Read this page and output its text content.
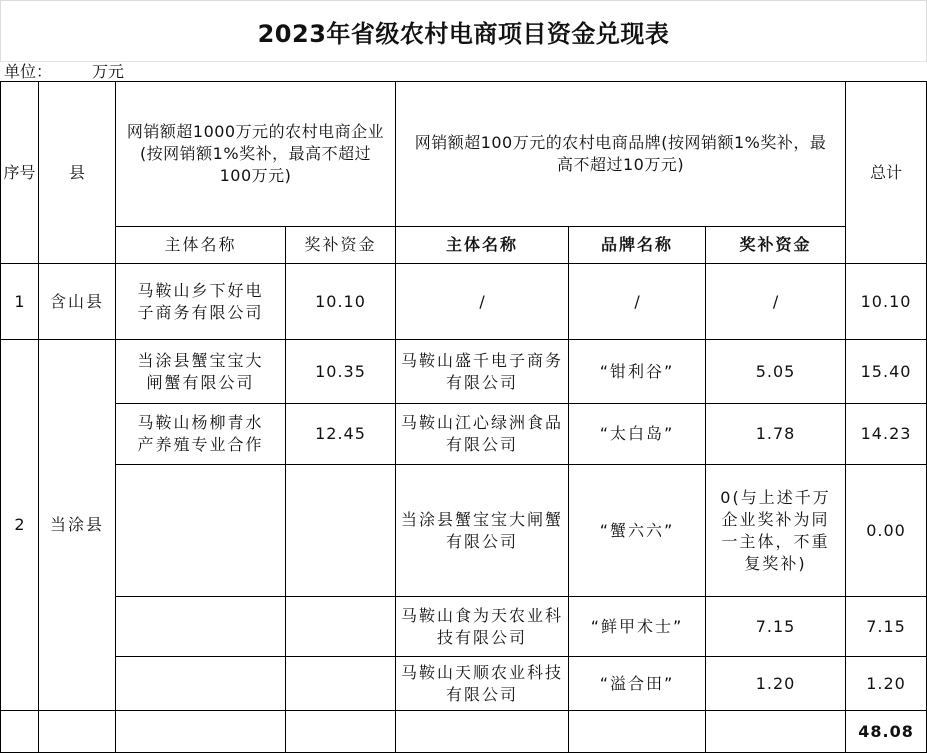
2023年省级农村电商项目资金兑现表
单位：	万元
序号	县	网销额超1000万元的农村电商企业(按网销额1%奖补，最高不超过100万元)		网销额超100万元的农村电商品牌(按网销额1%奖补，最高不超过10万元)			总计
		主体名称	奖补资金	主体名称	品牌名称	奖补资金	
1	含山县	马鞍山乡下好电子商务有限公司	10.10	/	/	/	10.10
2	当涂县	当涂县蟹宝宝大闸蟹有限公司	10.35	马鞍山盛千电子商务有限公司	“钳利谷”	5.05	15.40
		马鞍山杨柳青水产养殖专业合作	12.45	马鞍山江心绿洲食品有限公司	“太白岛”	1.78	14.23
				当涂县蟹宝宝大闸蟹有限公司	“蟹六六”	0(与上述千万企业奖补为同一主体，不重复奖补)	0.00
				马鞍山食为天农业科技有限公司	“鲜甲术士”	7.15	7.15
				马鞍山天顺农业科技有限公司	“溢合田”	1.20	1.20
							48.08
